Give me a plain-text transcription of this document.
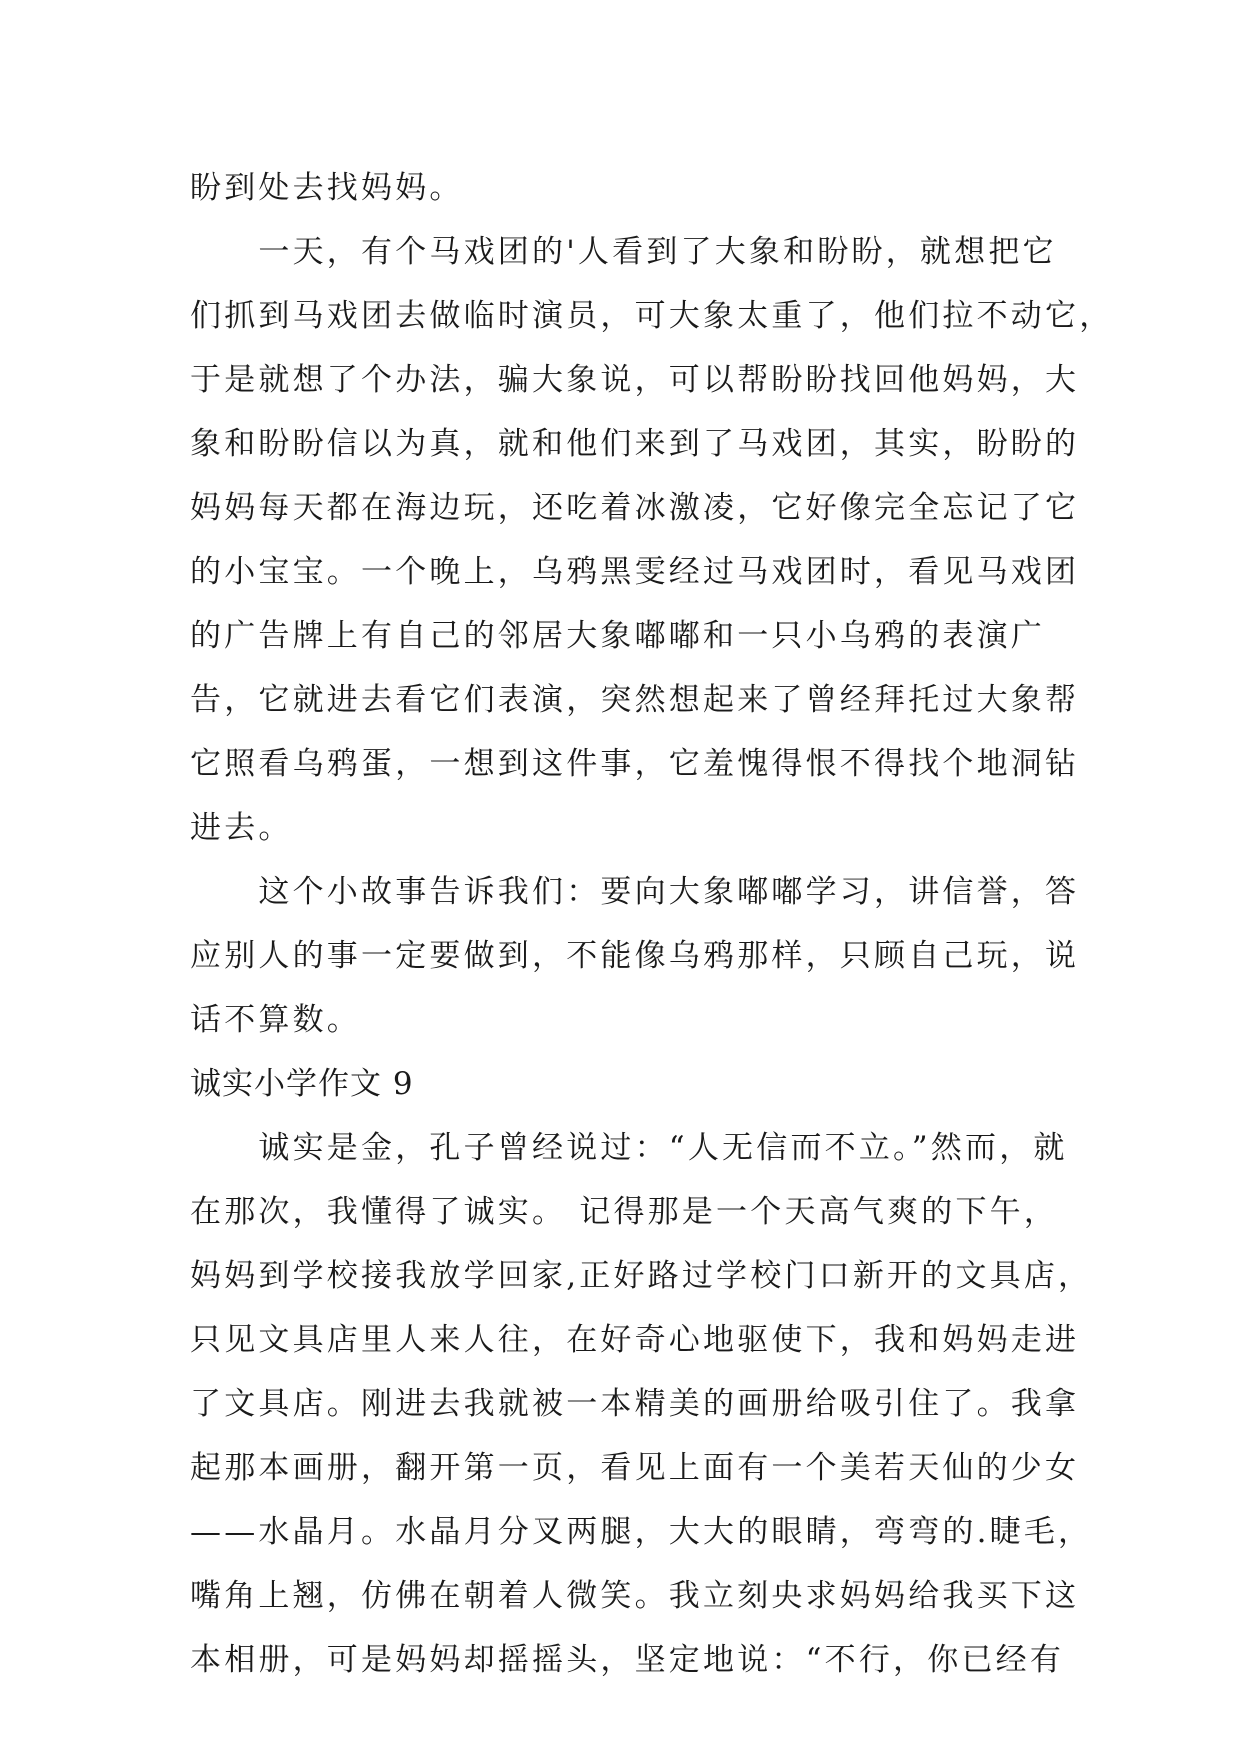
盼到处去找妈妈。
　　一天，有个马戏团的'人看到了大象和盼盼，就想把它
们抓到马戏团去做临时演员，可大象太重了，他们拉不动它，
于是就想了个办法，骗大象说，可以帮盼盼找回他妈妈，大
象和盼盼信以为真，就和他们来到了马戏团，其实，盼盼的
妈妈每天都在海边玩，还吃着冰激凌，它好像完全忘记了它
的小宝宝。一个晚上，乌鸦黑雯经过马戏团时，看见马戏团
的广告牌上有自己的邻居大象嘟嘟和一只小乌鸦的表演广
告，它就进去看它们表演，突然想起来了曾经拜托过大象帮
它照看乌鸦蛋，一想到这件事，它羞愧得恨不得找个地洞钻
进去。
　　这个小故事告诉我们：要向大象嘟嘟学习，讲信誉，答
应别人的事一定要做到，不能像乌鸦那样，只顾自己玩，说
话不算数。
诚实小学作文 9
　　诚实是金，孔子曾经说过：“人无信而不立。”然而，就
在那次，我懂得了诚实。 记得那是一个天高气爽的下午，
妈妈到学校接我放学回家,正好路过学校门口新开的文具店，
只见文具店里人来人往，在好奇心地驱使下，我和妈妈走进
了文具店。刚进去我就被一本精美的画册给吸引住了。我拿
起那本画册，翻开第一页，看见上面有一个美若天仙的少女
——水晶月。水晶月分叉两腿，大大的眼睛，弯弯的.睫毛，
嘴角上翘，仿佛在朝着人微笑。我立刻央求妈妈给我买下这
本相册，可是妈妈却摇摇头，坚定地说：“不行，你已经有
